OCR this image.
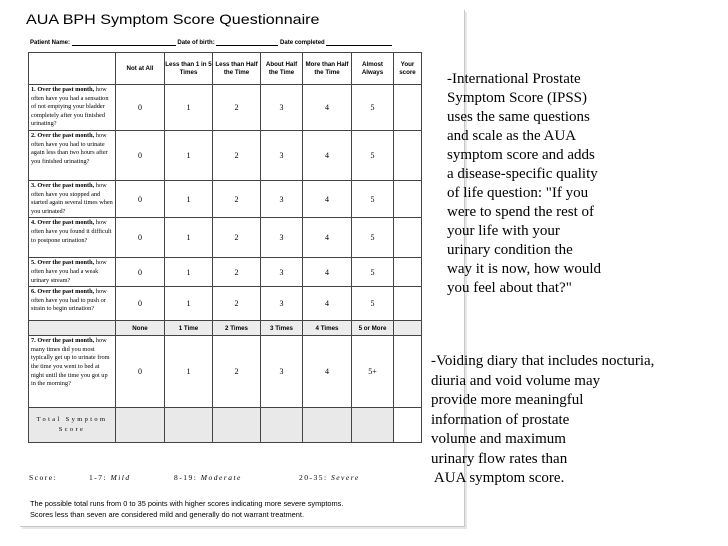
AUA BPH Symptom Score Questionnaire
Patient Name:	Date of birth:	Date completed
	Not at All	Less than 1 in 5 Times	Less than Half the Time	About Half the Time	More than Half the Time	Almost Always	Your score
1. Over the past month, how often have you had a sensation of not emptying your bladder completely after you finished urinating?	0	1	2	3	4	5	
2. Over the past month, how often have you had to urinate again less than two hours after you finished urinating?	0	1	2	3	4	5	
3. Over the past month, how often have you stopped and started again several times when you urinated?	0	1	2	3	4	5	
4. Over the past month, how often have you found it difficult to postpone urination?	0	1	2	3	4	5	
5. Over the past month, how often have you had a weak urinary stream?	0	1	2	3	4	5	
6. Over the past month, how often have you had to push or strain to begin urination?	0	1	2	3	4	5	
	None	1 Time	2 Times	3 Times	4 Times	5 or More	
7. Over the past month, how many times did you most typically get up to urinate from the time you went to bed at night until the time you got up in the morning?	0	1	2	3	4	5+	
Total Symptom Score							
Score:	1-7: Mild	8-19: Moderate	20-35: Severe
The possible total runs from 0 to 35 points with higher scores indicating more severe symptoms.
Scores less than seven are considered mild and generally do not warrant treatment.
-International Prostate
Symptom Score (IPSS)
uses the same questions
and scale as the AUA
symptom score and adds
a disease-specific quality
of life question: "If you
were to spend the rest of
your life with your
urinary condition the
way it is now, how would
you feel about that?"
-Voiding diary that includes nocturia,
diuria and void volume may
provide more meaningful
information of prostate
volume and maximum
urinary flow rates than
AUA symptom score.
